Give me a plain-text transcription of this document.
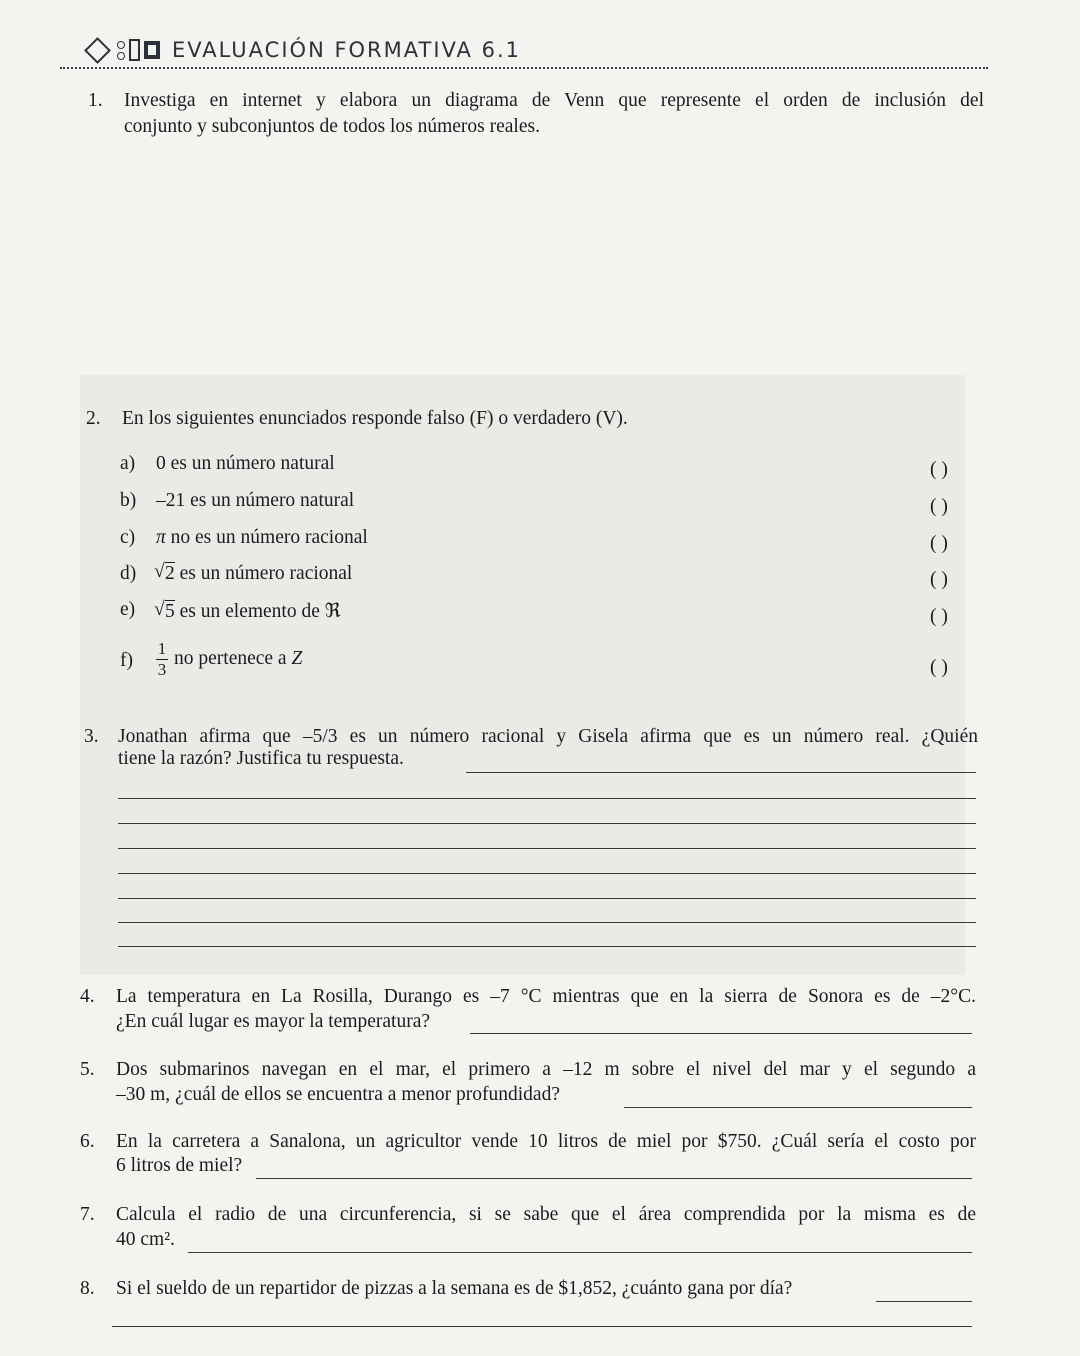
EVALUACIÓN FORMATIVA 6.1
1. Investiga en internet y elabora un diagrama de Venn que represente el orden de inclusión del
conjunto y subconjuntos de todos los números reales.
2. En los siguientes enunciados responde falso (F) o verdadero (V).
a) 0 es un número natural	( )
b) –21 es un número natural	( )
c) π no es un número racional	( )
d)	√ 2 es un número racional	( )
e)	√ 5 es un elemento de ℜ	( )
$f) \frac{1}{3}$ no pertenece a Z	( )
3. Jonathan afirma que –5/3 es un número racional y Gisela afirma que es un número real. ¿Quién
tiene la razón? Justifica tu respuesta.
4. La temperatura en La Rosilla, Durango es –7 °C mientras que en la sierra de Sonora es de –2°C.
¿En cuál lugar es mayor la temperatura?
5. Dos submarinos navegan en el mar, el primero a –12 m sobre el nivel del mar y el segundo a
–30 m, ¿cuál de ellos se encuentra a menor profundidad?
6. En la carretera a Sanalona, un agricultor vende 10 litros de miel por $750. ¿Cuál sería el costo por
6 litros de miel?
7. Calcula el radio de una circunferencia, si se sabe que el área comprendida por la misma es de
40 cm².
8. Si el sueldo de un repartidor de pizzas a la semana es de $1,852, ¿cuánto gana por día?
